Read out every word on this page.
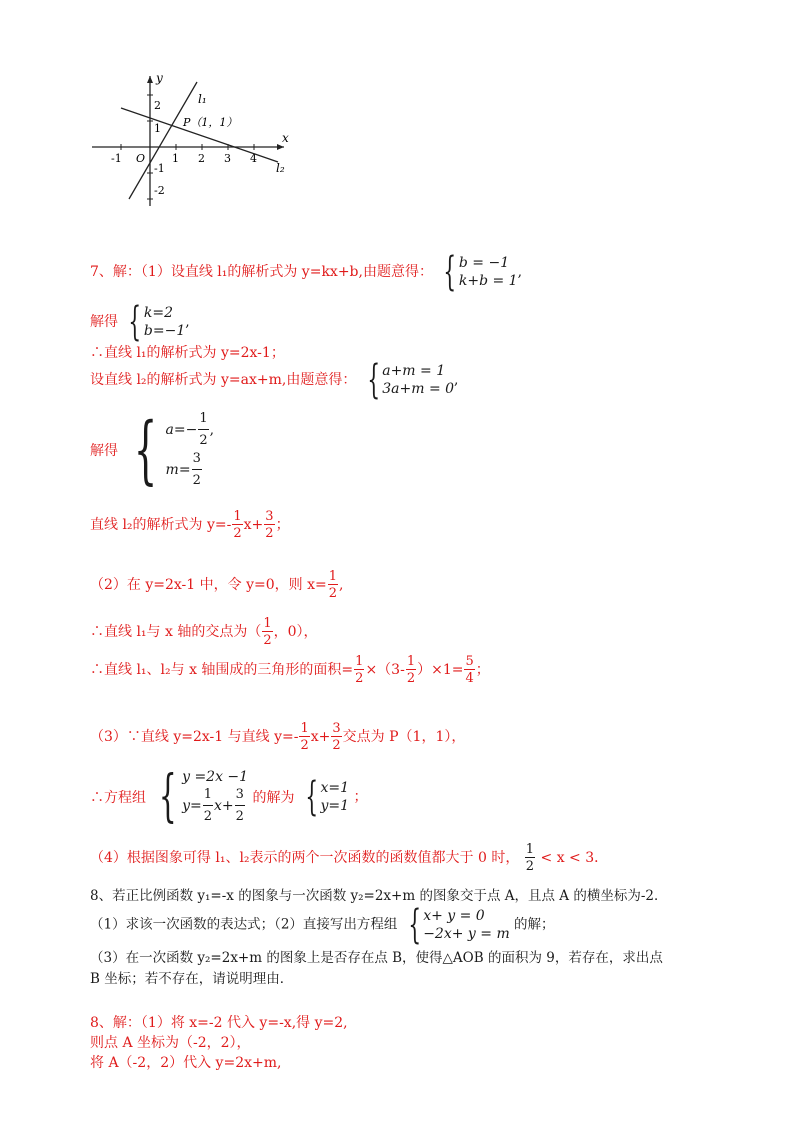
x
y
-1 O 1 2 3 4
2
1
-1
-2
l₁
l₂
P（1，1）
7、解：（1）设直线 l₁的解析式为 y=kx+b,由题意得： { b = −1
k+b = 1
,
解得 { k=2
b=−1
,
∴直线 l₁的解析式为 y=2x-1；
设直线 l₂的解析式为 y=ax+m,由题意得： { a+m = 1
3a+m = 0
,
解得 { $a=- \frac{1}{2}$ ,
$m= \frac{3}{2}$
直线 l₂的解析式为 $y=- \frac{1}{2} x+ \frac{3}{2}$ ；
（2）在 y=2x-1 中，令 y=0，则 $x= \frac{1}{2}$ ,
∴直线 l₁与 x 轴的交点为（ $\frac{1}{2}$ ，0），
∴直线 l₁、l₂与 x 轴围成的三角形的面积= $\frac{1}{2} \times(3- \frac{1}{2} )\times 1= \frac{5}{4}$ ；
（3）∵直线 y=2x-1 与直线 $y=- \frac{1}{2} x+ \frac{3}{2}$ 交点为 P（1，1），
∴方程组 { y =2x −1
$y= \frac{1}{2} x+ \frac{3}{2}$ 的解为 { x=1
y=1
；
（4）根据图象可得 l₁、l₂表示的两个一次函数的函数值都大于 0 时， $\frac{1}{2} < x < 3$．
8、若正比例函数 y₁=-x 的图象与一次函数 y₂=2x+m 的图象交于点 A，且点 A 的横坐标为-2．
（1）求该一次函数的表达式；（2）直接写出方程组 { x+ y = 0
−2x+ y = m
的解；
（3）在一次函数 y₂=2x+m 的图象上是否存在点 B，使得△AOB 的面积为 9，若存在，求出点
B 坐标；若不存在，请说明理由．
8、解：（1）将 x=-2 代入 y=-x,得 y=2,
则点 A 坐标为（-2，2），
将 A（-2，2）代入 y=2x+m,
